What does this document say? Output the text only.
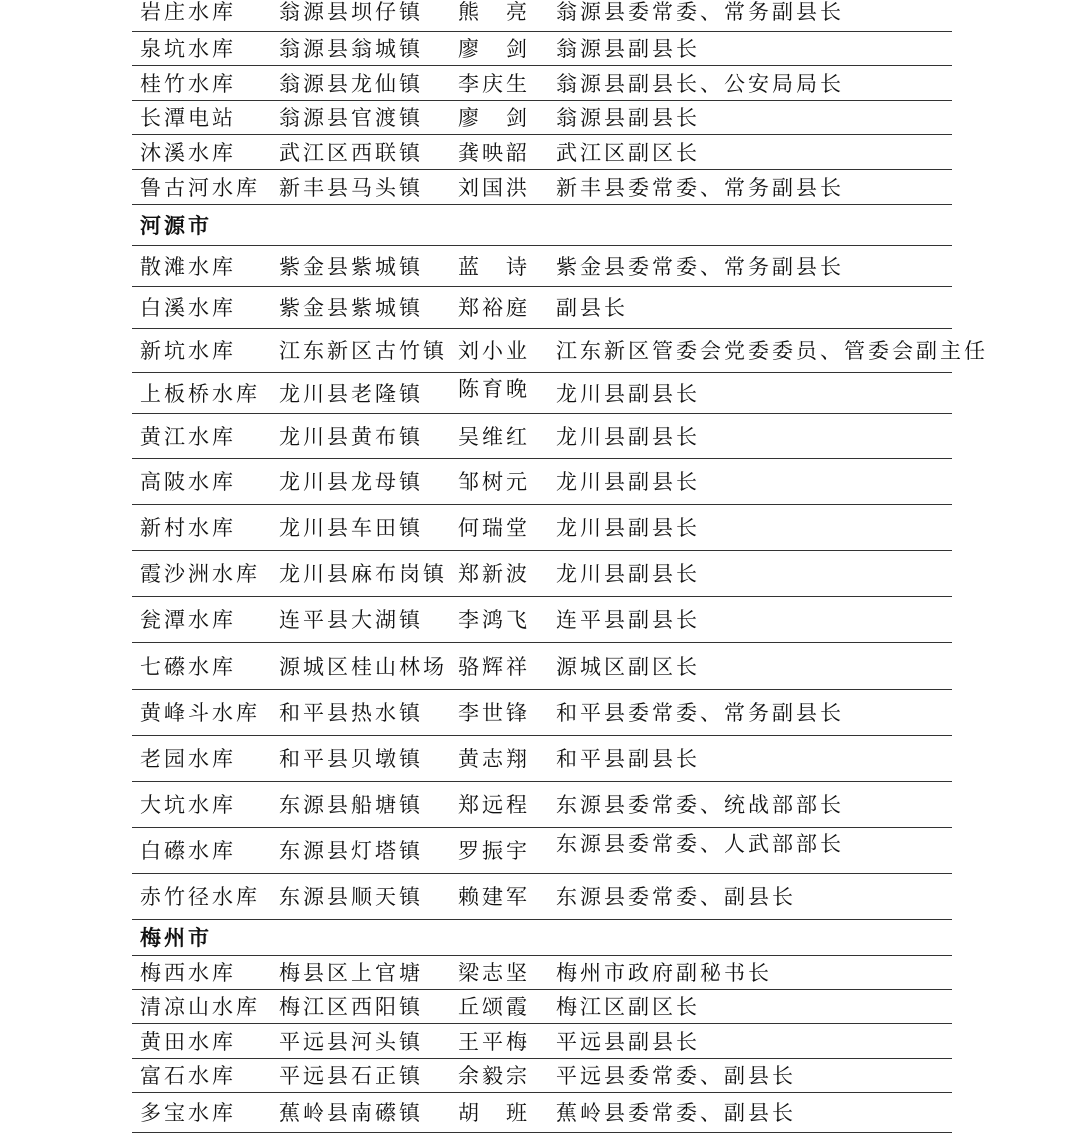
岩庄水库 翁源县坝仔镇 熊　亮 翁源县委常委、常务副县长
泉坑水库 翁源县翁城镇 廖　剑 翁源县副县长
桂竹水库 翁源县龙仙镇 李庆生 翁源县副县长、公安局局长
长潭电站 翁源县官渡镇 廖　剑 翁源县副县长
沐溪水库 武江区西联镇 龚映韶 武江区副区长
鲁古河水库 新丰县马头镇 刘国洪 新丰县委常委、常务副县长
河源市
散滩水库 紫金县紫城镇 蓝　诗 紫金县委常委、常务副县长
白溪水库 紫金县紫城镇 郑裕庭 副县长
新坑水库 江东新区古竹镇 刘小业 江东新区管委会党委委员、管委会副主任
上板桥水库 龙川县老隆镇 陈育晚 龙川县副县长
黄江水库 龙川县黄布镇 吴维红 龙川县副县长
高陂水库 龙川县龙母镇 邹树元 龙川县副县长
新村水库 龙川县车田镇 何瑞堂 龙川县副县长
霞沙洲水库 龙川县麻布岗镇 郑新波 龙川县副县长
瓮潭水库 连平县大湖镇 李鸿飞 连平县副县长
七礤水库 源城区桂山林场 骆辉祥 源城区副区长
黄峰斗水库 和平县热水镇 李世锋 和平县委常委、常务副县长
老园水库 和平县贝墩镇 黄志翔 和平县副县长
大坑水库 东源县船塘镇 郑远程 东源县委常委、统战部部长
白礤水库 东源县灯塔镇 罗振宇 东源县委常委、人武部部长
赤竹径水库 东源县顺天镇 赖建军 东源县委常委、副县长
梅州市
梅西水库 梅县区上官塘 梁志坚 梅州市政府副秘书长
清凉山水库 梅江区西阳镇 丘颂霞 梅江区副区长
黄田水库 平远县河头镇 王平梅 平远县副县长
富石水库 平远县石正镇 余毅宗 平远县委常委、副县长
多宝水库 蕉岭县南礤镇 胡　班 蕉岭县委常委、副县长
